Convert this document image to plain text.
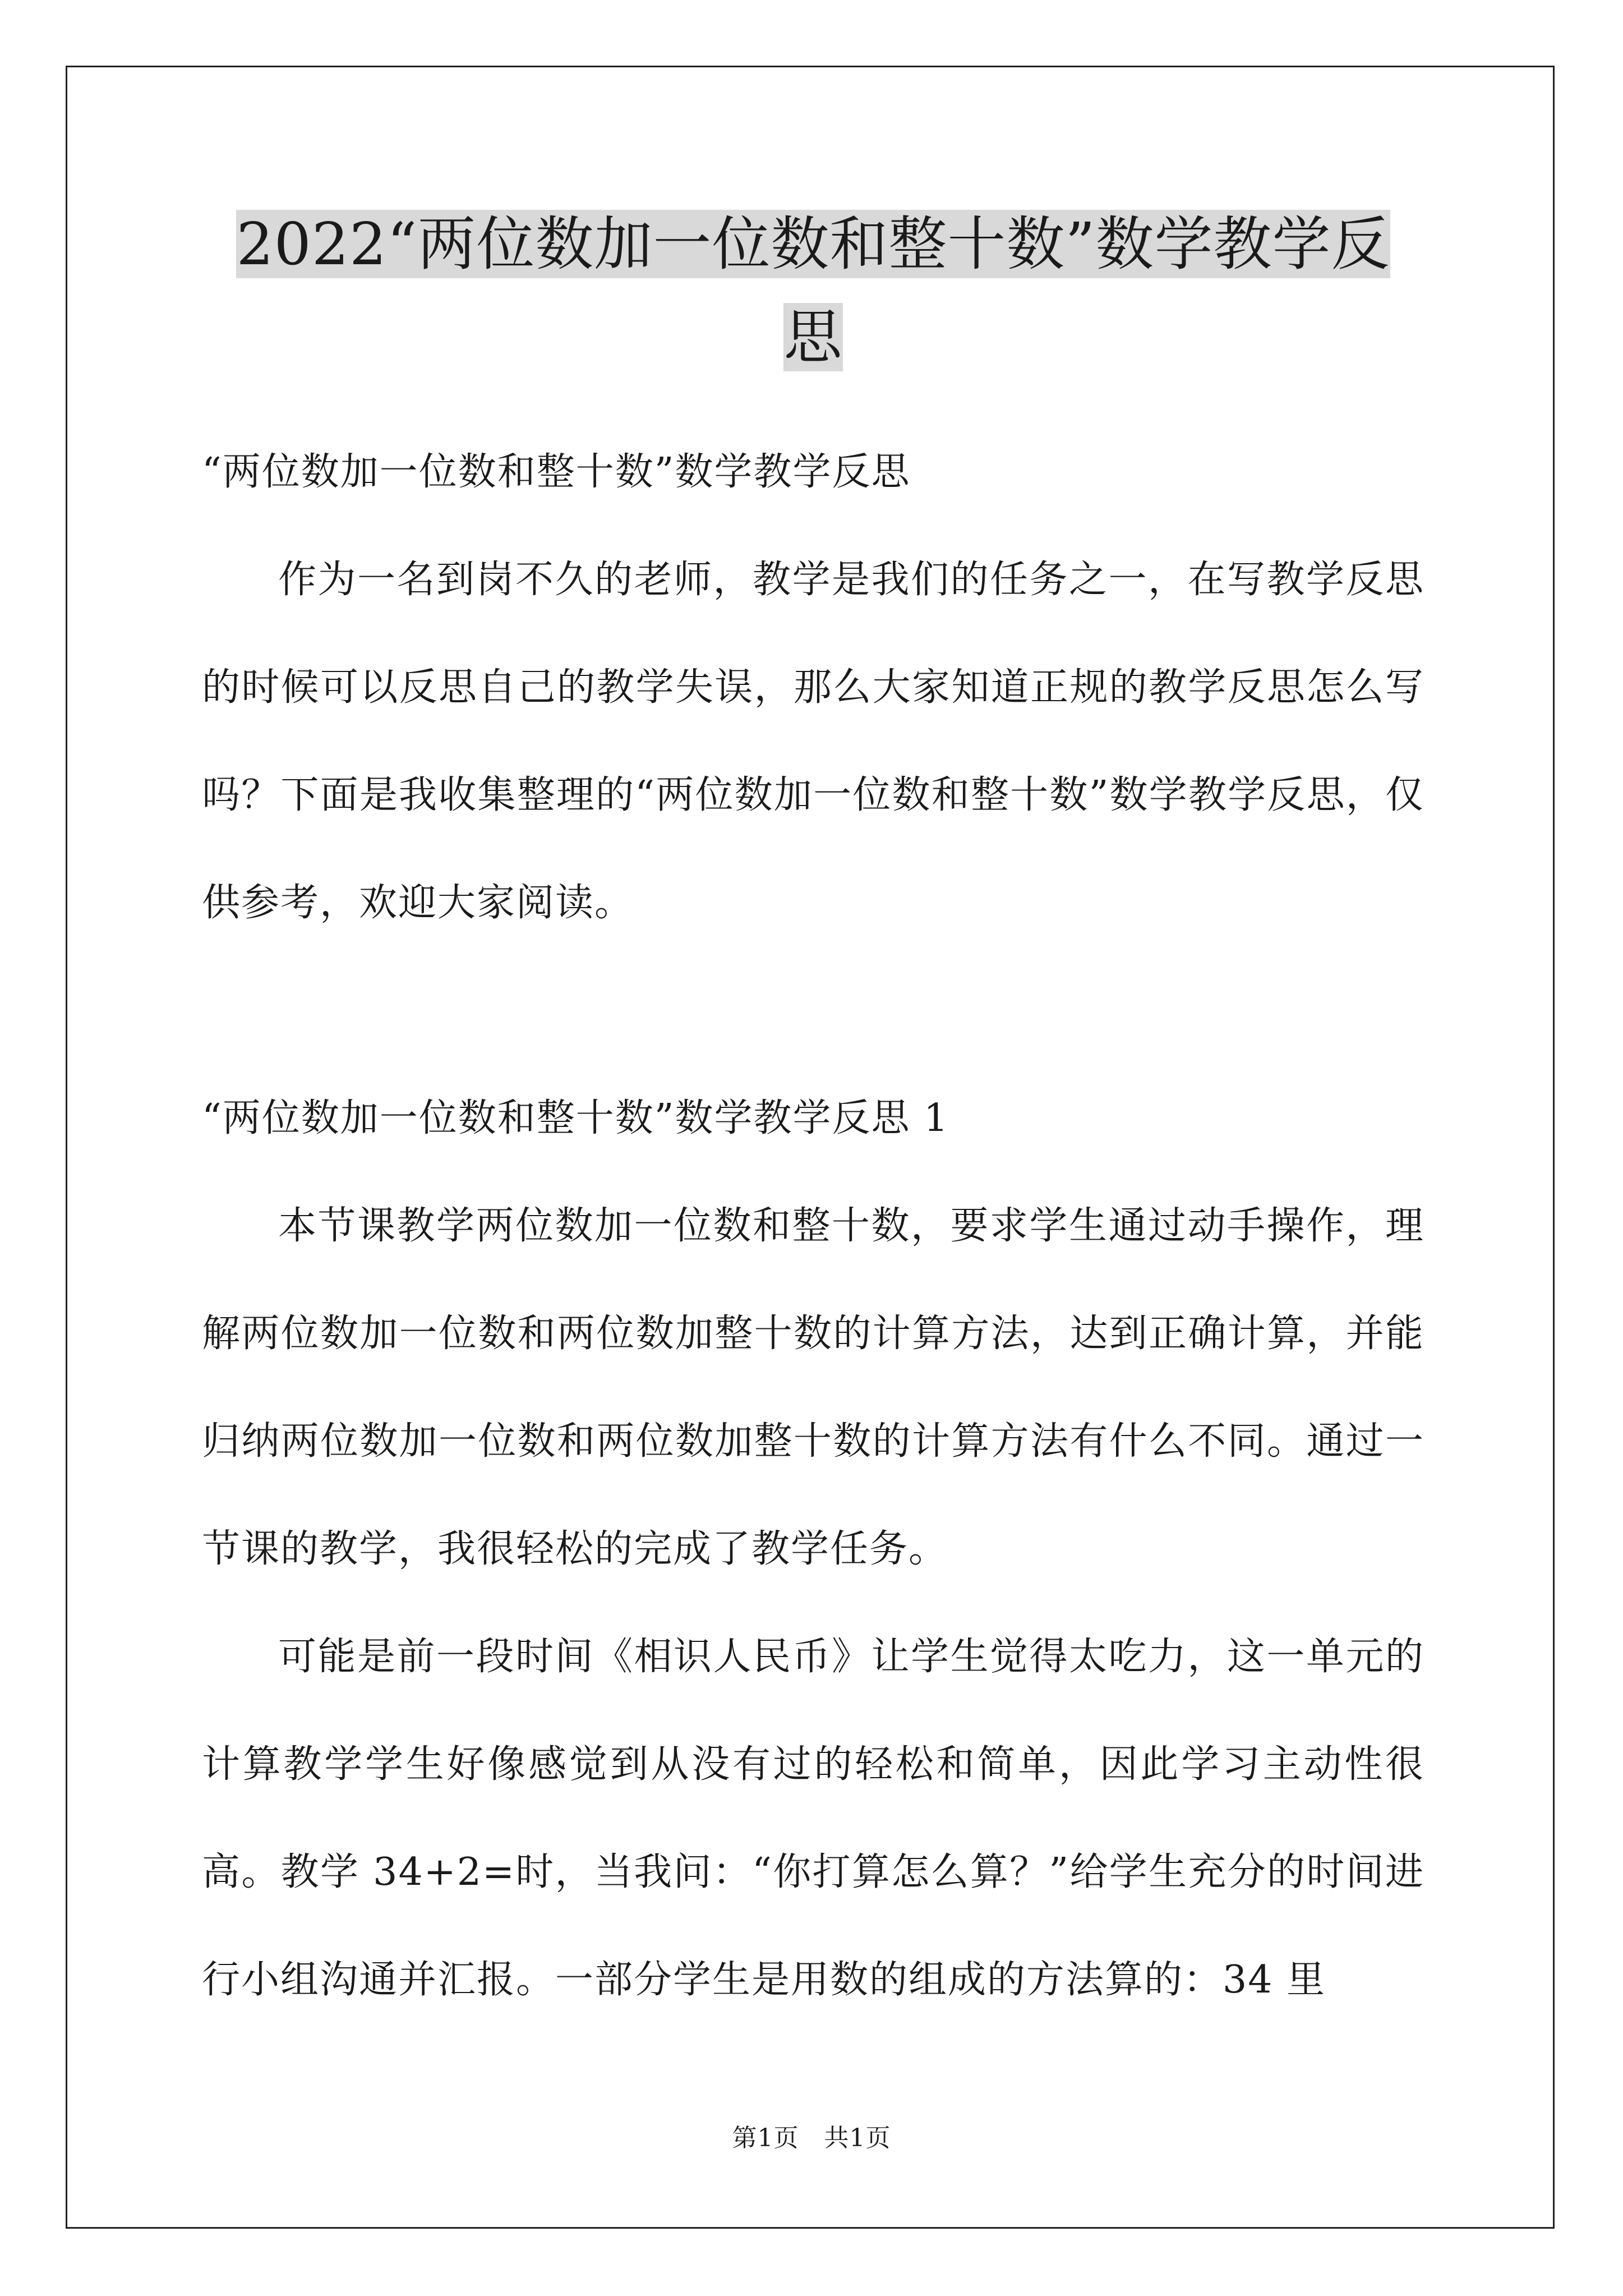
2022“两位数加一位数和整十数”数学教学反思
“两位数加一位数和整十数”数学教学反思

作为一名到岗不久的老师，教学是我们的任务之一，在写教学反思的时候可以反思自己的教学失误，那么大家知道正规的教学反思怎么写吗？下面是我收集整理的“两位数加一位数和整十数”数学教学反思，仅供参考，欢迎大家阅读。

“两位数加一位数和整十数”数学教学反思 1

本节课教学两位数加一位数和整十数，要求学生通过动手操作，理解两位数加一位数和两位数加整十数的计算方法，达到正确计算，并能归纳两位数加一位数和两位数加整十数的计算方法有什么不同。通过一节课的教学，我很轻松的完成了教学任务。

可能是前一段时间《相识人民币》让学生觉得太吃力，这一单元的计算教学学生好像感觉到从没有过的轻松和简单，因此学习主动性很高。教学 34+2=时，当我问：“你打算怎么算？”给学生充分的时间进行小组沟通并汇报。一部分学生是用数的组成的方法算的：34 里

第1页　共1页
